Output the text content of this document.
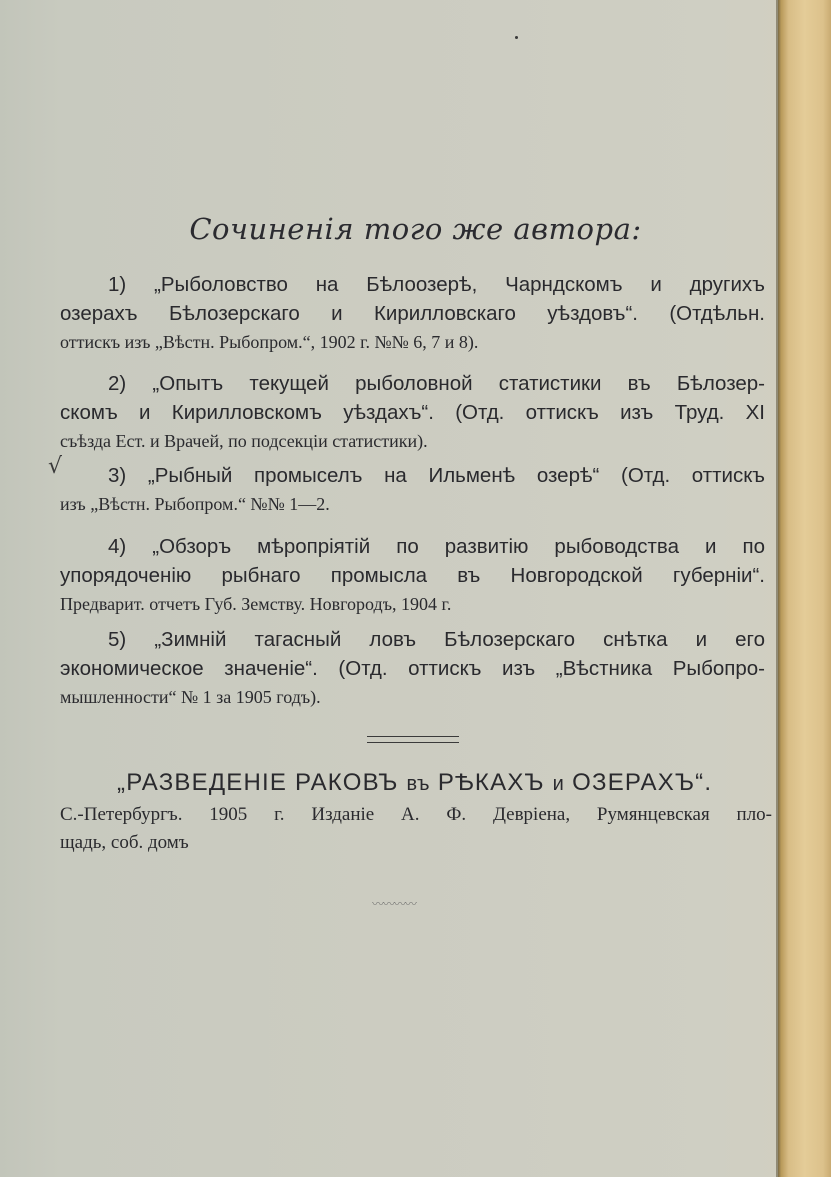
Сочиненія того же автора:
√
1) „Рыболовство на Бѣлоозерѣ, Чарндскомъ и другихъ
озерахъ Бѣлозерскаго и Кирилловскаго уѣздовъ“. (Отдѣльн.
оттискъ изъ „Вѣстн. Рыбопром.“, 1902 г. №№ 6, 7 и 8).
2) „Опытъ текущей рыболовной статистики въ Бѣлозер-
скомъ и Кирилловскомъ уѣздахъ“. (Отд. оттискъ изъ Труд. XI
съѣзда Ест. и Врачей, по подсекціи статистики).
3) „Рыбный промыселъ на Ильменѣ озерѣ“ (Отд. оттискъ
изъ „Вѣстн. Рыбопром.“ №№ 1—2.
4) „Обзоръ мѣропріятій по развитію рыбоводства и по
упорядоченію рыбнаго промысла въ Новгородской губерніи“.
Предварит. отчетъ Губ. Земству. Новгородъ, 1904 г.
5) „Зимній тагасный ловъ Бѣлозерскаго снѣтка и его
экономическое значеніе“. (Отд. оттискъ изъ „Вѣстника Рыбопро-
мышленности“ № 1 за 1905 годъ).
„РАЗВЕДЕНІЕ РАКОВЪ въ РѢКАХЪ и ОЗЕРАХЪ“.
С.-Петербургъ. 1905 г. Изданіе А. Ф. Девріена, Румянцевская пло-
щадь, соб. домъ
〰〰〰〰
